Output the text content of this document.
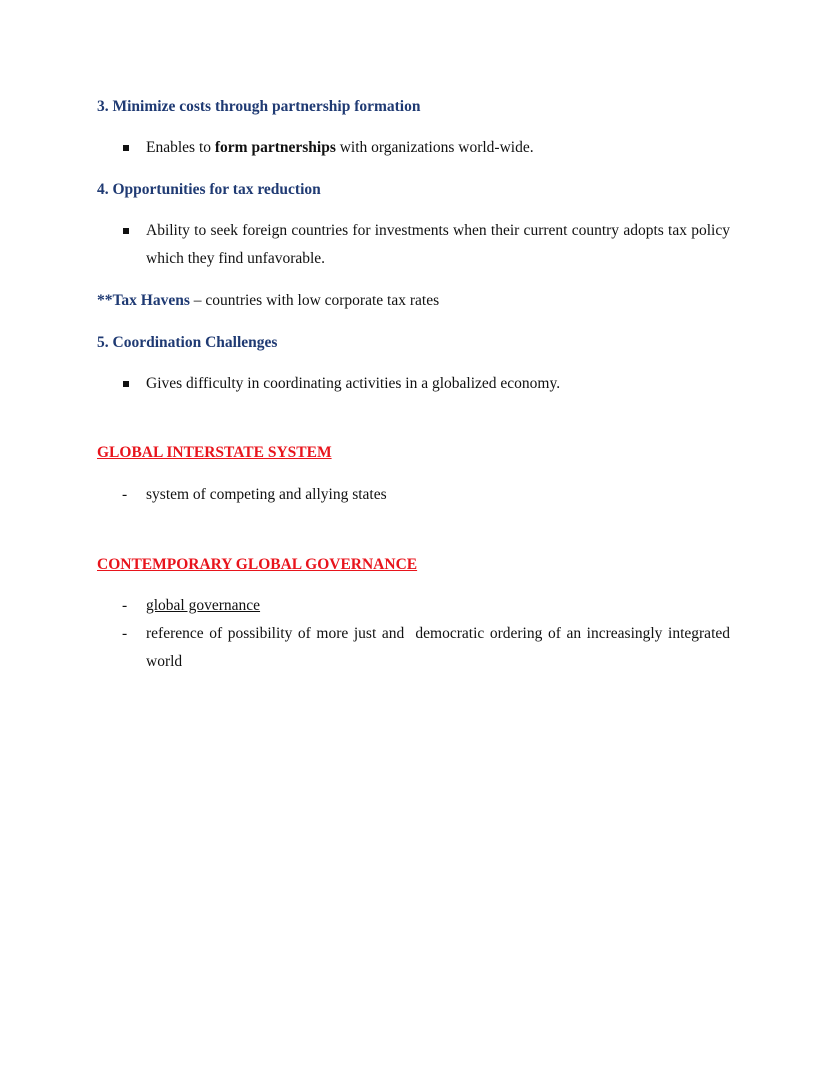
3. Minimize costs through partnership formation
Enables to form partnerships with organizations world-wide.
4. Opportunities for tax reduction
Ability to seek foreign countries for investments when their current country adopts tax policy which they find unfavorable.
**Tax Havens – countries with low corporate tax rates
5. Coordination Challenges
Gives difficulty in coordinating activities in a globalized economy.
GLOBAL INTERSTATE SYSTEM
- system of competing and allying states
CONTEMPORARY GLOBAL GOVERNANCE
- global governance
- reference of possibility of more just and  democratic ordering of an increasingly integrated world
